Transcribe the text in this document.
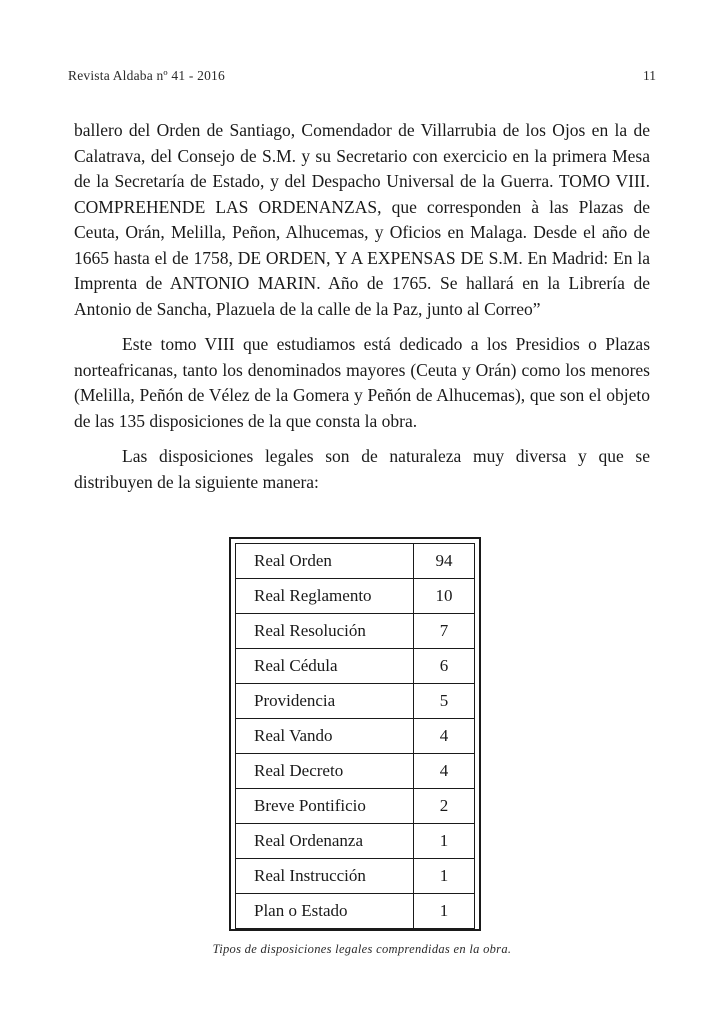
Revista Aldaba nº 41 - 2016	11

ballero del Orden de Santiago, Comendador de Villarrubia de los Ojos en la de Calatrava, del Consejo de S.M. y su Secretario con exercicio en la primera Mesa de la Secretaría de Estado, y del Despacho Universal de la Guerra. TOMO VIII. COMPREHENDE LAS ORDENANZAS, que corresponden à las Plazas de Ceuta, Orán, Melilla, Peñon, Alhucemas, y Oficios en Malaga. Desde el año de 1665 hasta el de 1758, DE ORDEN, Y A EXPENSAS DE S.M. En Madrid: En la Imprenta de ANTONIO MARIN. Año de 1765. Se hallará en la Librería de Antonio de Sancha, Plazuela de la calle de la Paz, junto al Correo”

Este tomo VIII que estudiamos está dedicado a los Presidios o Plazas norteafricanas, tanto los denominados mayores (Ceuta y Orán) como los menores (Melilla, Peñón de Vélez de la Gomera y Peñón de Alhucemas), que son el objeto de las 135 disposiciones de la que consta la obra.

Las disposiciones legales son de naturaleza muy diversa y que se distribuyen de la siguiente manera:

Real Orden	94
Real Reglamento	10
Real Resolución	7
Real Cédula	6
Providencia	5
Real Vando	4
Real Decreto	4
Breve Pontificio	2
Real Ordenanza	1
Real Instrucción	1
Plan o Estado	1
Tipos de disposiciones legales comprendidas en la obra.
